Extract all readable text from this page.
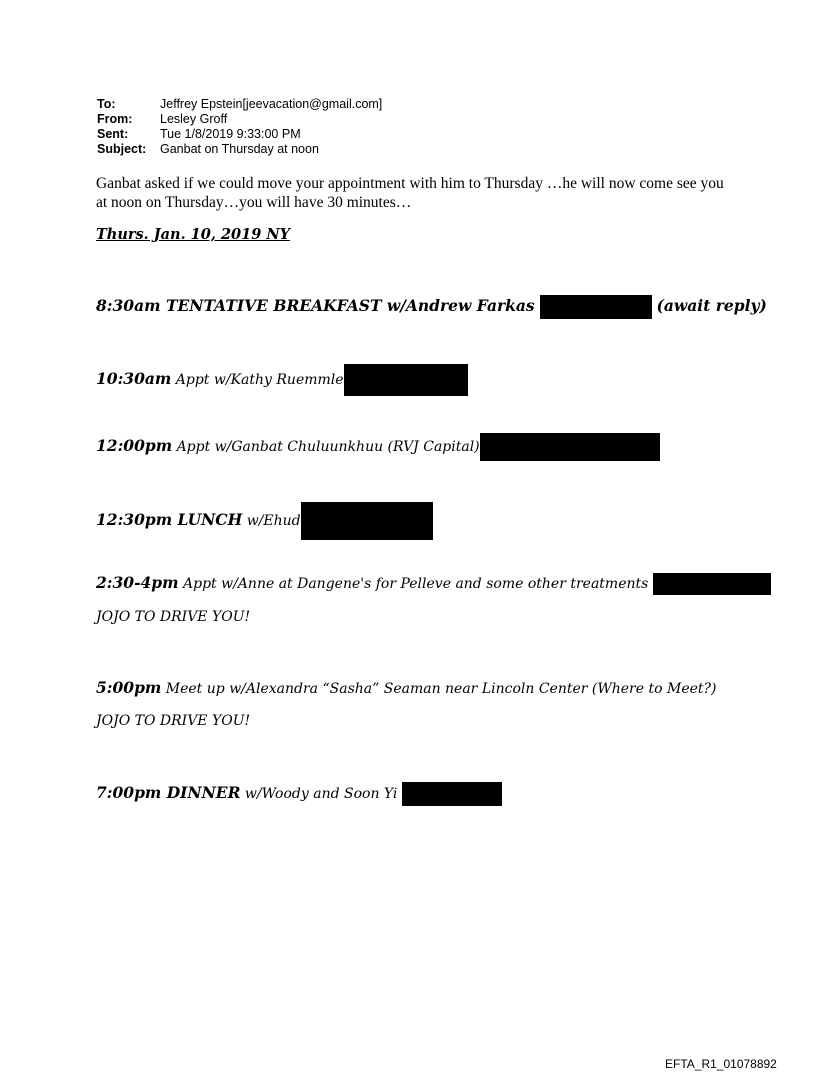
To:	Jeffrey Epstein[jeevacation@gmail.com]
From:	Lesley Groff
Sent:	Tue 1/8/2019 9:33:00 PM
Subject:	Ganbat on Thursday at noon
Ganbat asked if we could move your appointment with him to Thursday …he will now come see you at noon on Thursday…you will have 30 minutes…
Thurs. Jan. 10, 2019 NY
8:30am TENTATIVE BREAKFAST w/Andrew Farkas	(await reply)
10:30am Appt w/Kathy Ruemmle
12:00pm Appt w/Ganbat Chuluunkhuu (RVJ Capital)
12:30pm LUNCH w/Ehud
2:30-4pm Appt w/Anne at Dangene's for Pelleve and some other treatments
JOJO TO DRIVE YOU!
5:00pm Meet up w/Alexandra “Sasha” Seaman near Lincoln Center (Where to Meet?)
JOJO TO DRIVE YOU!
7:00pm DINNER w/Woody and Soon Yi
EFTA_R1_01078892
